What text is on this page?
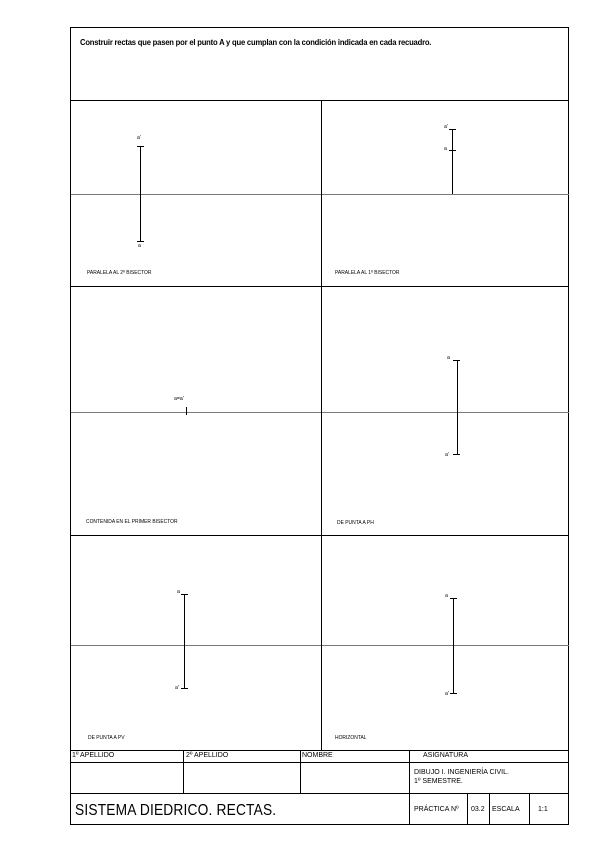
Construir rectas que pasen por el punto A y que cumplan con la condición indicada en cada recuadro.
a'
a
PARALELA AL 2º BISECTOR
a'
a
PARALELA AL 1º BISECTOR
a=a'
CONTENIDA EN EL PRIMER BISECTOR
a
a'
DE PUNTA A PH
a
a'
DE PUNTA A PV
a
a'
HORIZONTAL
1º APELLIDO	2º APELLIDO	NOMBRE	ASIGNATURA
DIBUJO I. INGENIERÍA CIVIL.
1º SEMESTRE.
SISTEMA DIEDRICO. RECTAS.	PRÁCTICA Nº 03.2 ESCALA	1:1
